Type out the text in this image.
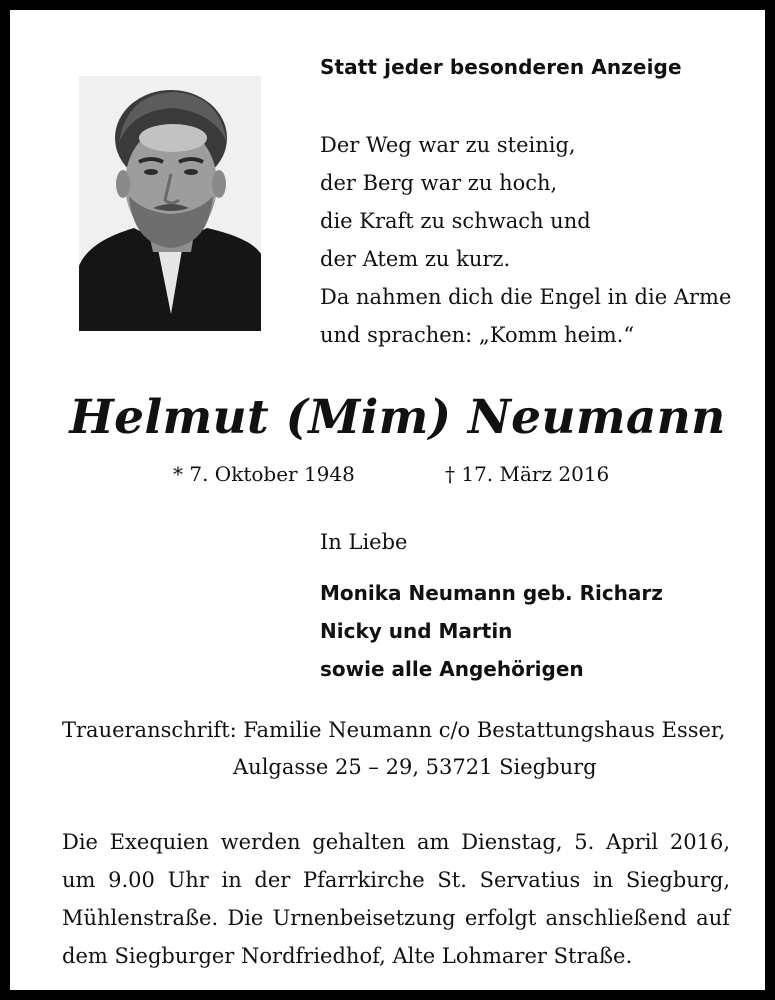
Statt jeder besonderen Anzeige
Der Weg war zu steinig,
der Berg war zu hoch,
die Kraft zu schwach und
der Atem zu kurz.
Da nahmen dich die Engel in die Arme
und sprachen: „Komm heim.“
Helmut (Mim) Neumann
* 7. Oktober 1948	† 17. März 2016
In Liebe
Monika Neumann geb. Richarz
Nicky und Martin
sowie alle Angehörigen
Traueranschrift: Familie Neumann c/o Bestattungshaus Esser,
Aulgasse 25 – 29, 53721 Siegburg
Die Exequien werden gehalten am Dienstag, 5. April 2016,
um 9.00 Uhr in der Pfarrkirche St. Servatius in Siegburg,
Mühlenstraße. Die Urnenbeisetzung erfolgt anschließend auf
dem Siegburger Nordfriedhof, Alte Lohmarer Straße.
